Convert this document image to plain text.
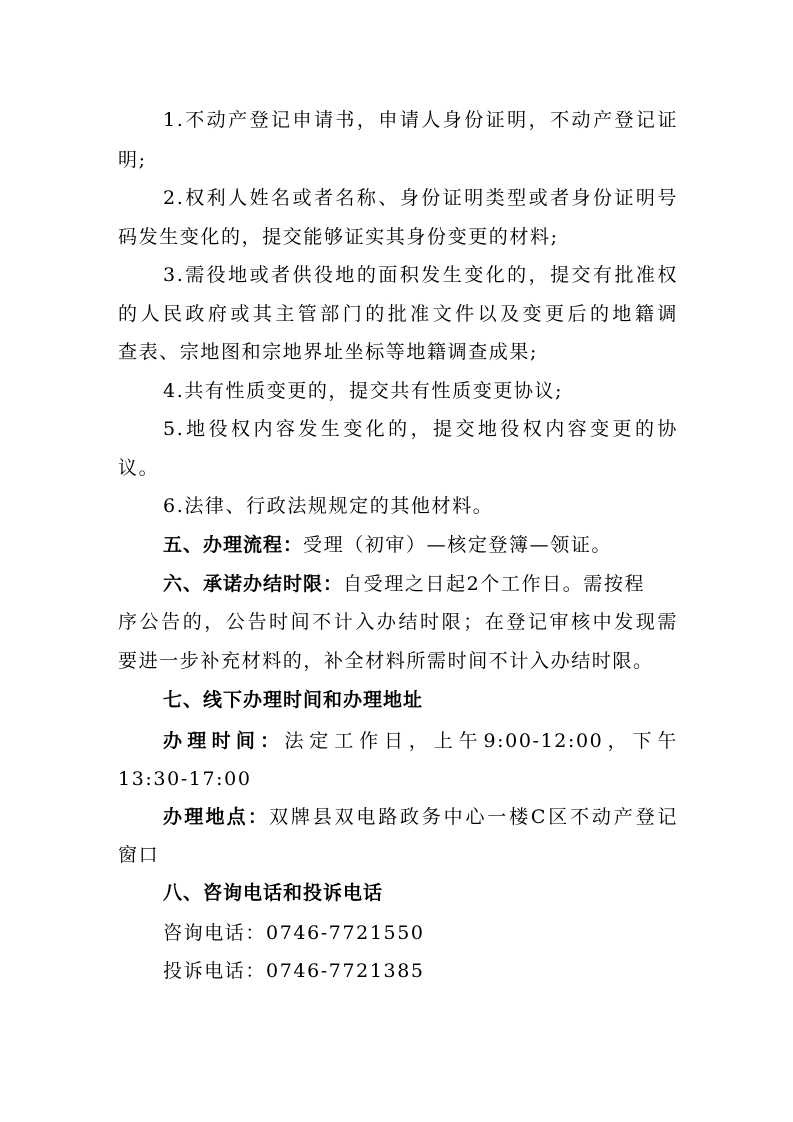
1.不动产登记申请书，申请人身份证明，不动产登记证
明;
2.权利人姓名或者名称、身份证明类型或者身份证明号
码发生变化的，提交能够证实其身份变更的材料;
3.需役地或者供役地的面积发生变化的，提交有批准权
的人民政府或其主管部门的批准文件以及变更后的地籍调
查表、宗地图和宗地界址坐标等地籍调查成果;
4.共有性质变更的，提交共有性质变更协议;
5.地役权内容发生变化的，提交地役权内容变更的协
议。
6.法律、行政法规规定的其他材料。
五、办理流程：受理（初审）—核定登簿—领证。
六、承诺办结时限：自受理之日起2个工作日。需按程
序公告的，公告时间不计入办结时限；在登记审核中发现需
要进一步补充材料的，补全材料所需时间不计入办结时限。
七、线下办理时间和办理地址
办理时间：法定工作日，上午9:00-12:00，下午
13:30-17:00
办理地点：双牌县双电路政务中心一楼C区不动产登记
窗口
八、咨询电话和投诉电话
咨询电话：0746-7721550
投诉电话：0746-7721385
